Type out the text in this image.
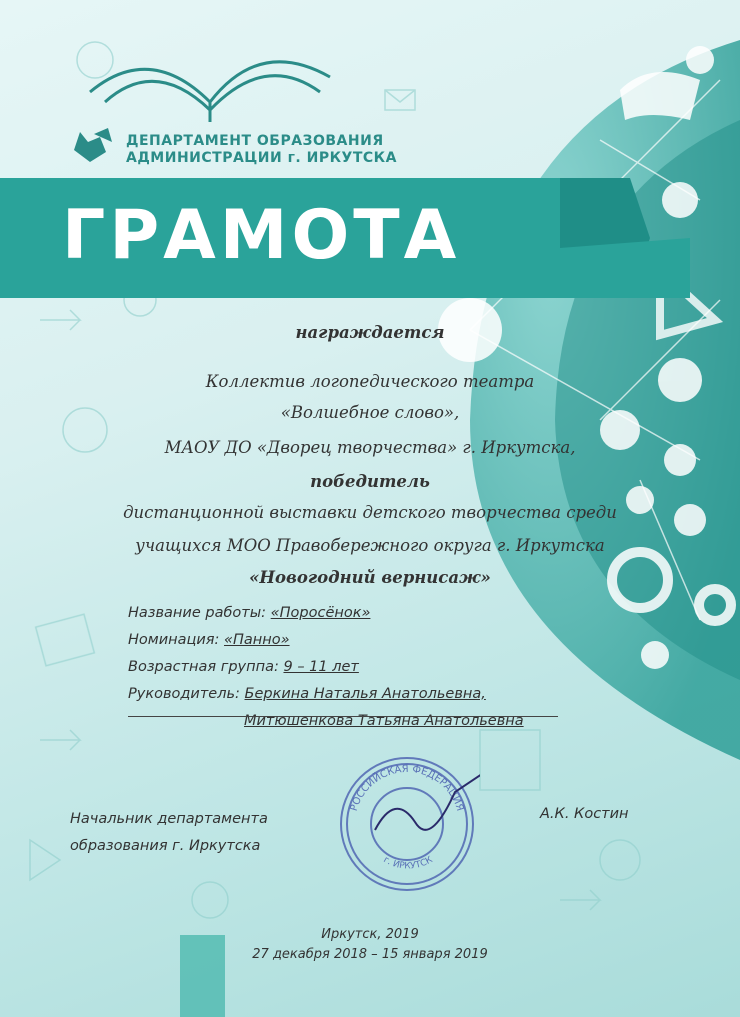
ДЕПАРТАМЕНТ ОБРАЗОВАНИЯ
АДМИНИСТРАЦИИ г. ИРКУТСКА
ГРАМОТА
награждается
Коллектив логопедического театра
«Волшебное слово»,
МАОУ ДО «Дворец творчества» г. Иркутска,
победитель
дистанционной выставки детского творчества среди
учащихся МОО Правобережного округа г. Иркутска
«Новогодний вернисаж»
Название работы: «Поросёнок»
Номинация: «Панно»
Возрастная группа: 9 – 11 лет
Руководитель: Беркина Наталья Анатольевна,
Митюшенкова Татьяна Анатольевна
Начальник департамента
образования г. Иркутска
А.К. Костин
РОССИЙСКАЯ ФЕДЕРАЦИЯ
г. ИРКУТСК
Иркутск, 2019
27 декабря 2018 – 15 января 2019
